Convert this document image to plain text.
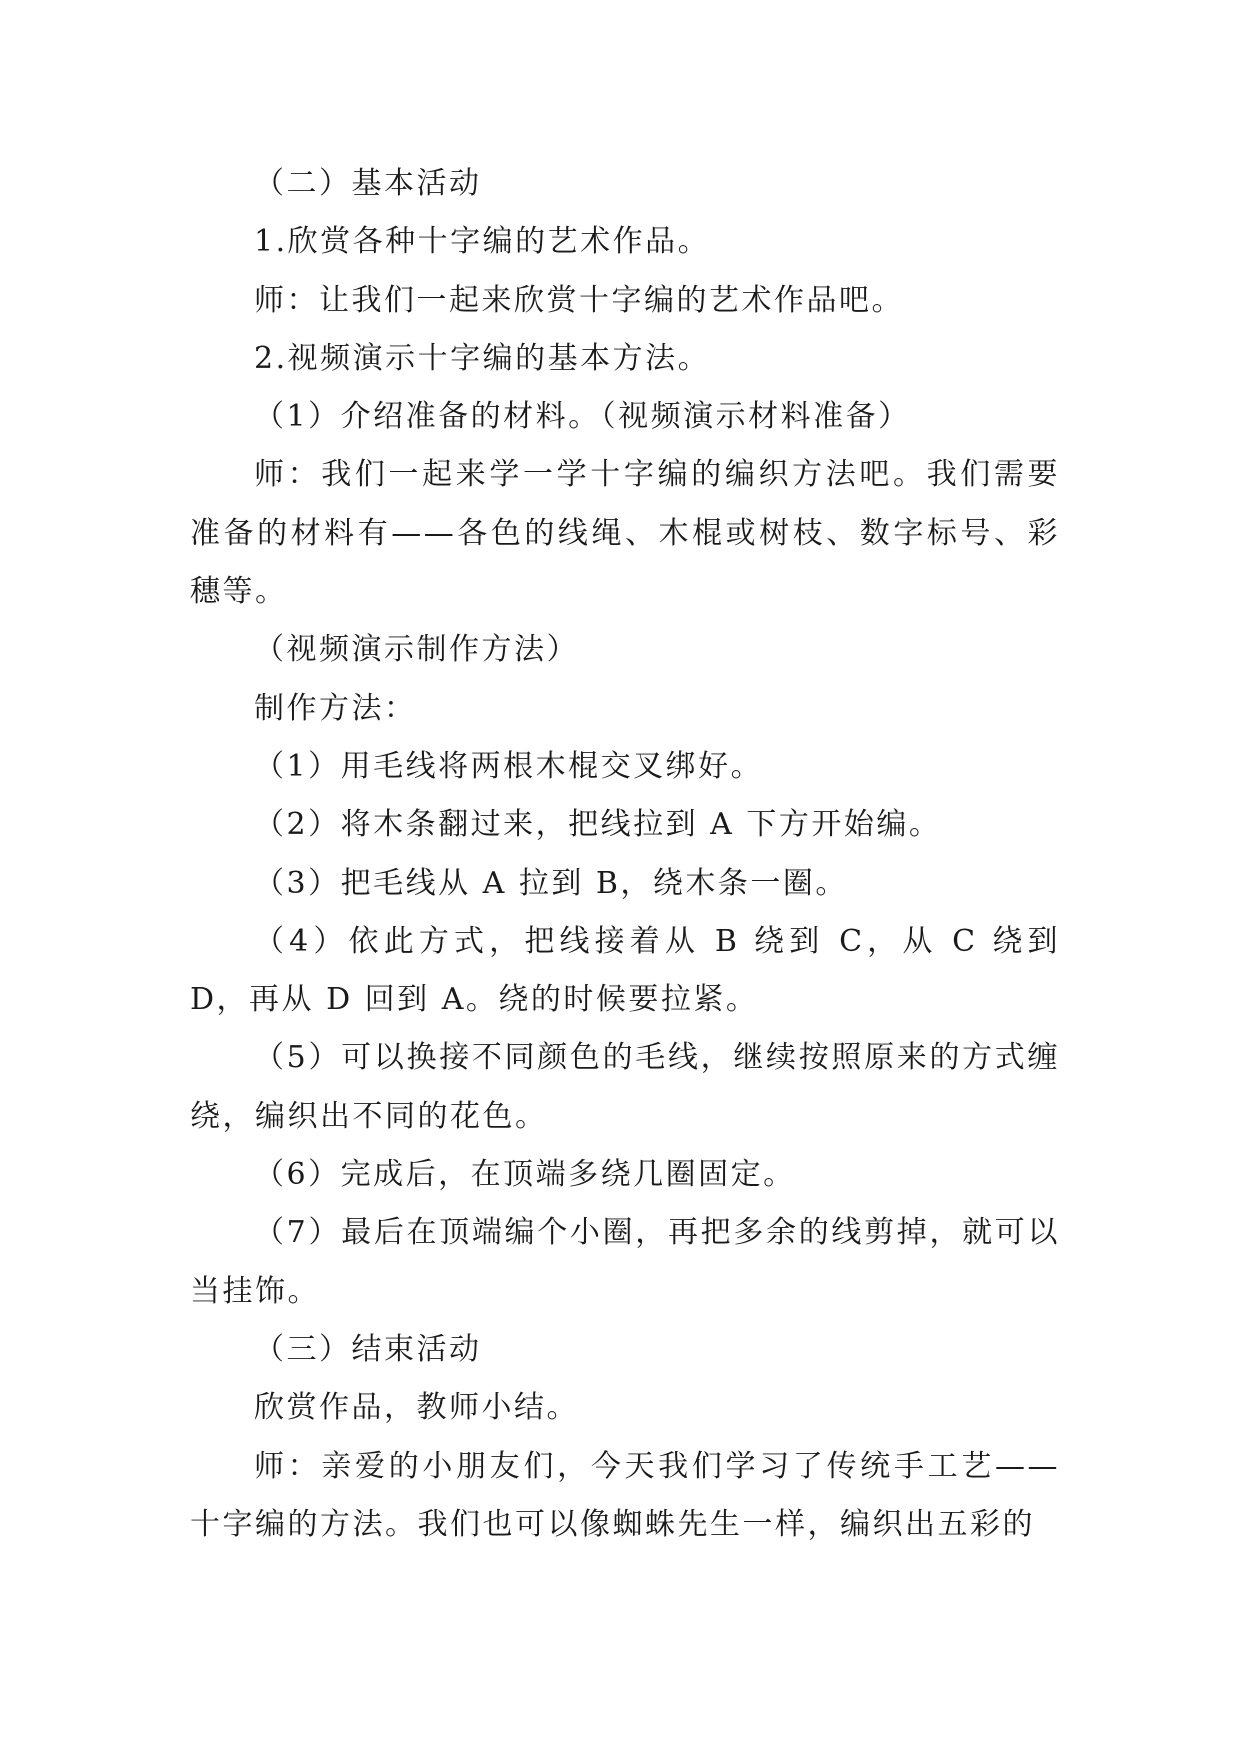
（二）基本活动

1.欣赏各种十字编的艺术作品。

师：让我们一起来欣赏十字编的艺术作品吧。

2.视频演示十字编的基本方法。

（1）介绍准备的材料。（视频演示材料准备）

师：我们一起来学一学十字编的编织方法吧。我们需要准备的材料有——各色的线绳、木棍或树枝、数字标号、彩穗等。

（视频演示制作方法）

制作方法：

（1）用毛线将两根木棍交叉绑好。

（2）将木条翻过来，把线拉到 A 下方开始编。

（3）把毛线从 A 拉到 B，绕木条一圈。

（4）依此方式，把线接着从 B 绕到 C，从 C 绕到 D，再从 D 回到 A。绕的时候要拉紧。

（5）可以换接不同颜色的毛线，继续按照原来的方式缠绕，编织出不同的花色。

（6）完成后，在顶端多绕几圈固定。

（7）最后在顶端编个小圈，再把多余的线剪掉，就可以当挂饰。

（三）结束活动

欣赏作品，教师小结。

师：亲爱的小朋友们，今天我们学习了传统手工艺——十字编的方法。我们也可以像蜘蛛先生一样，编织出五彩的
